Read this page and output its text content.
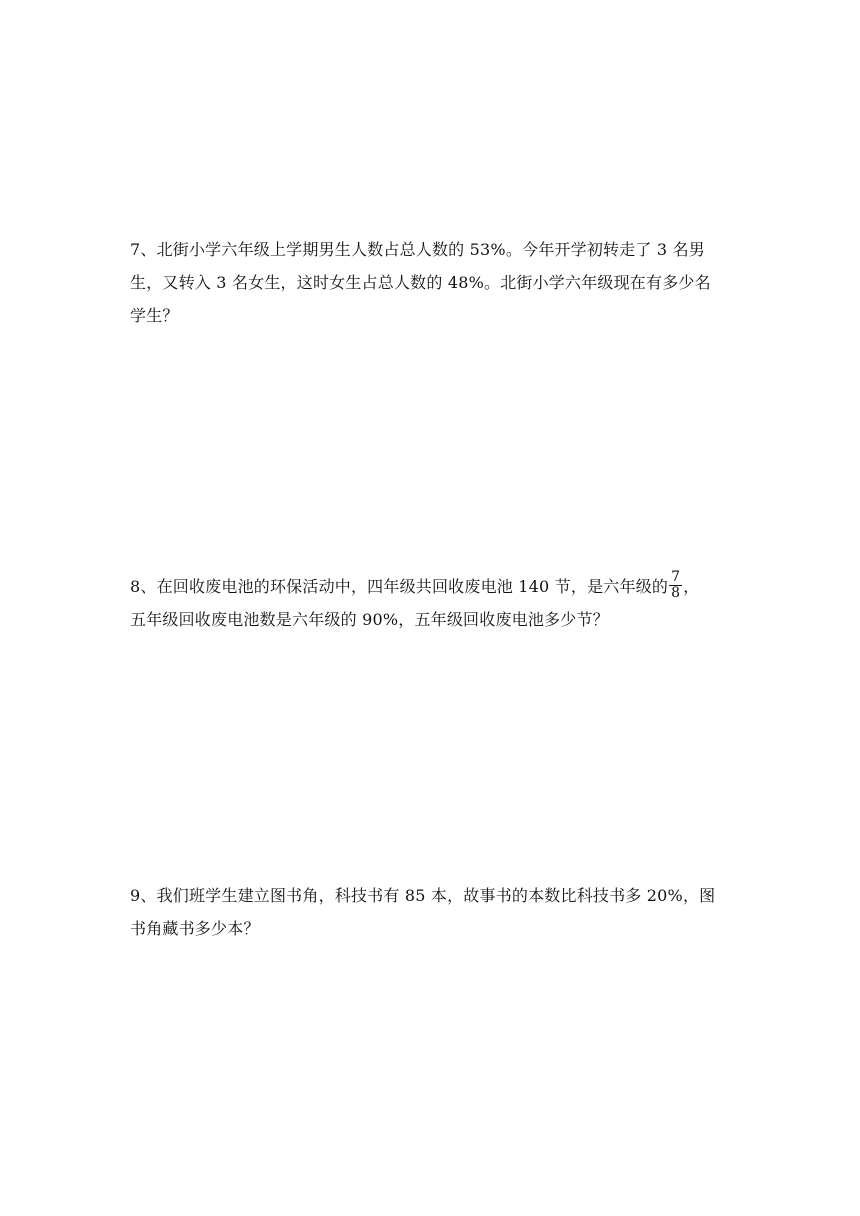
7、北街小学六年级上学期男生人数占总人数的 53%。今年开学初转走了 3 名男

生，又转入 3 名女生，这时女生占总人数的 48%。北街小学六年级现在有多少名

学生？

8、在回收废电池的环保活动中，四年级共回收废电池 140 节，是六年级的 $\frac{7}{8}$ ，

五年级回收废电池数是六年级的 90%，五年级回收废电池多少节？

9、我们班学生建立图书角，科技书有 85 本，故事书的本数比科技书多 20%，图

书角藏书多少本？
